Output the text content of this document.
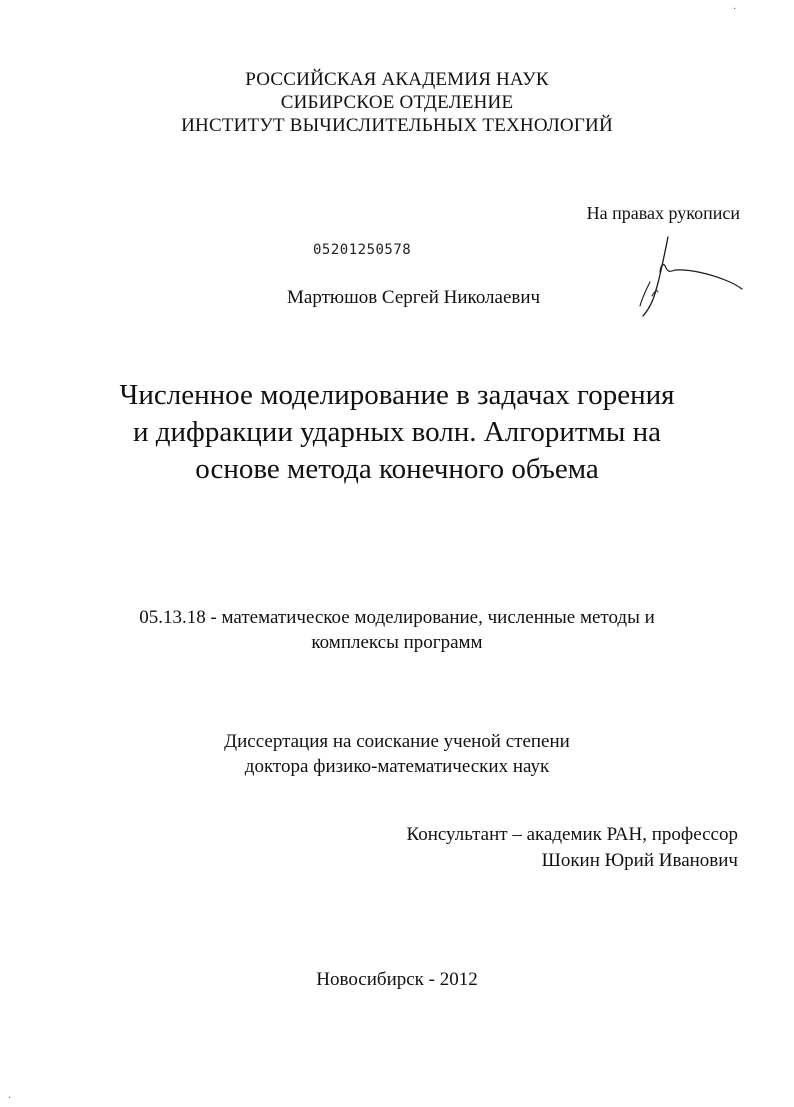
·
·
РОССИЙСКАЯ АКАДЕМИЯ НАУК
СИБИРСКОЕ ОТДЕЛЕНИЕ
ИНСТИТУТ ВЫЧИСЛИТЕЛЬНЫХ ТЕХНОЛОГИЙ
На правах рукописи
05201250578
Мартюшов Сергей Николаевич
Численное моделирование в задачах горения
и дифракции ударных волн. Алгоритмы на
основе метода конечного объема
05.13.18 - математическое моделирование, численные методы и
комплексы программ
Диссертация на соискание ученой степени
доктора физико-математических наук
Консультант – академик РАН, профессор
Шокин Юрий Иванович
Новосибирск - 2012
